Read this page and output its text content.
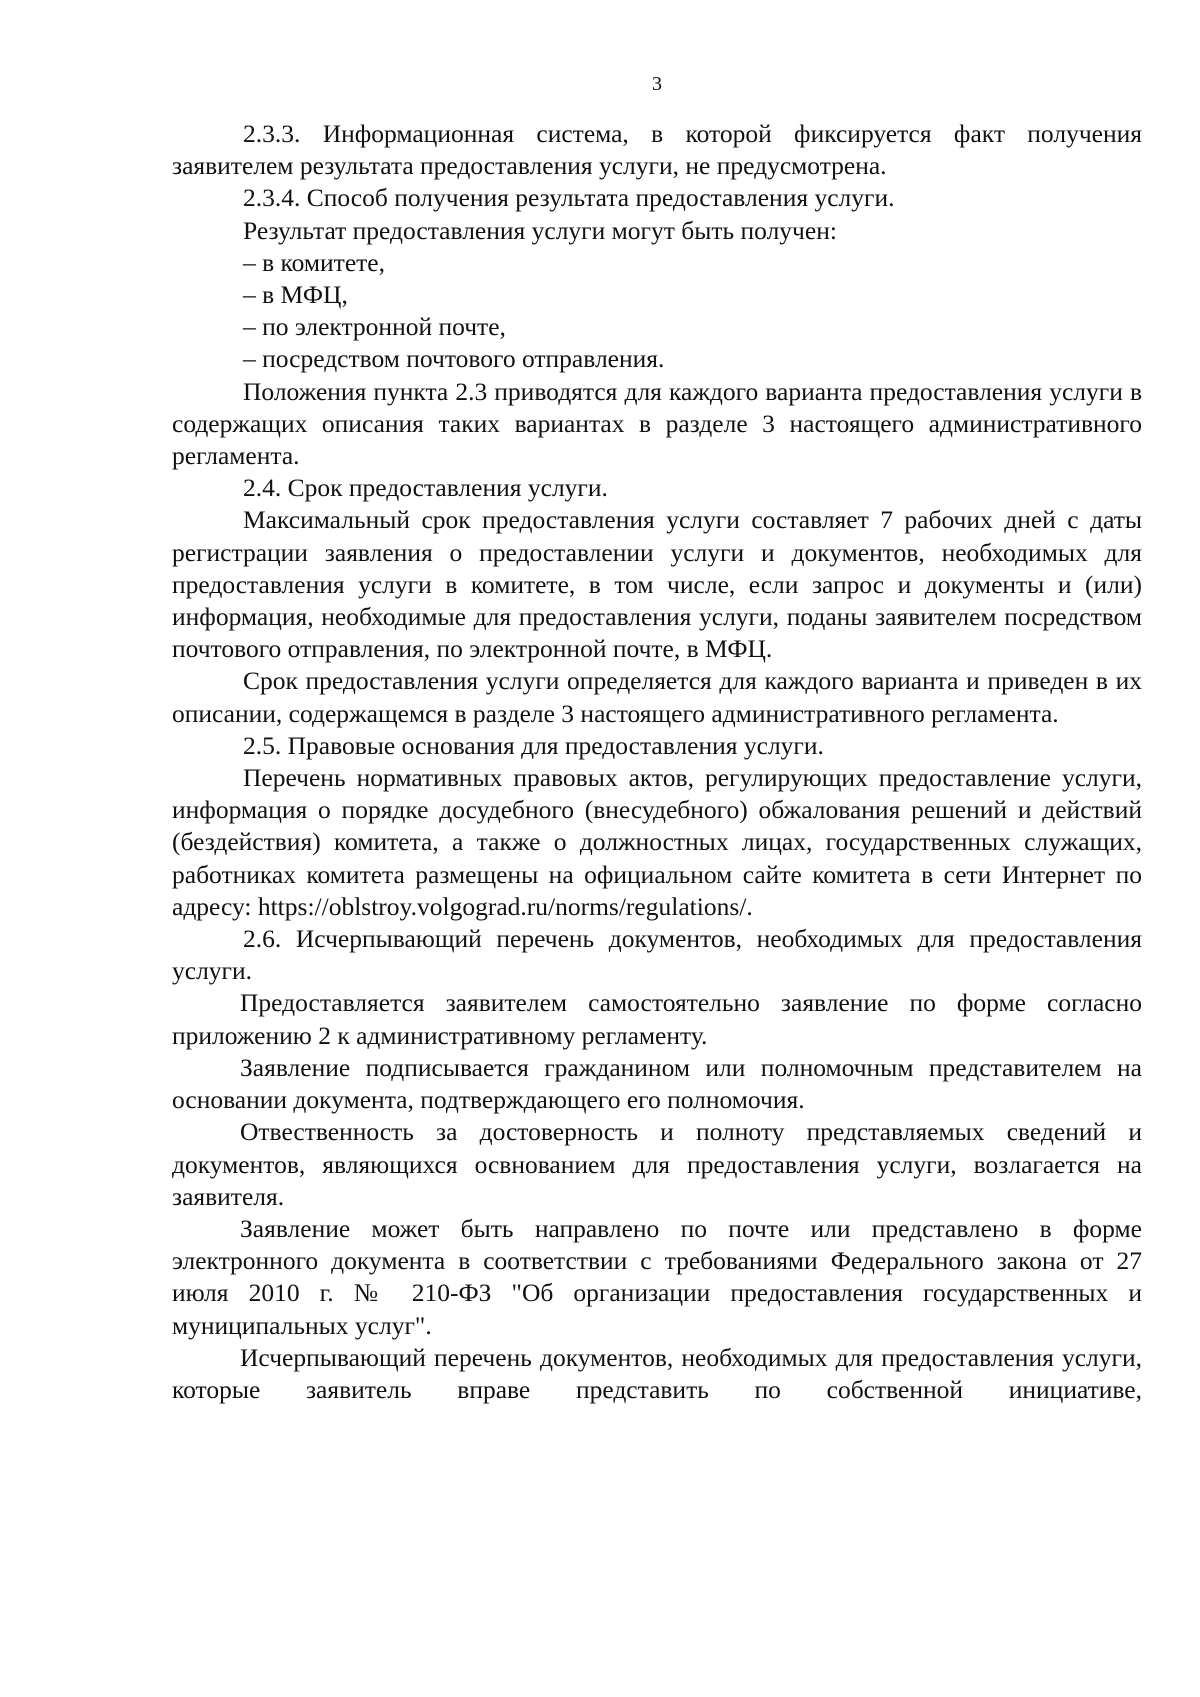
3

2.3.3. Информационная система, в которой фиксируется факт получения заявителем результата предоставления услуги, не предусмотрена.

2.3.4. Способ получения результата предоставления услуги.

Результат предоставления услуги могут быть получен:

– в комитете,

– в МФЦ,

– по электронной почте,

– посредством почтового отправления.

Положения пункта 2.3 приводятся для каждого варианта предоставления услуги в содержащих описания таких вариантах в разделе 3 настоящего административного регламента.

2.4. Срок предоставления услуги.

Максимальный срок предоставления услуги составляет 7 рабочих дней с даты регистрации заявления о предоставлении услуги и документов, необходимых для предоставления услуги в комитете, в том числе, если запрос и документы и (или) информация, необходимые для предоставления услуги, поданы заявителем посредством почтового отправления, по электронной почте, в МФЦ.

Срок предоставления услуги определяется для каждого варианта и приведен в их описании, содержащемся в разделе 3 настоящего административного регламента.

2.5. Правовые основания для предоставления услуги.

Перечень нормативных правовых актов, регулирующих предоставление услуги, информация о порядке досудебного (внесудебного) обжалования решений и действий (бездействия) комитета, а также о должностных лицах, государственных служащих, работниках комитета размещены на официальном сайте комитета в сети Интернет по адресу: https://oblstroy.volgograd.ru/norms/regulations/.

2.6. Исчерпывающий перечень документов, необходимых для предоставления услуги.

Предоставляется заявителем самостоятельно заявление по форме согласно приложению 2 к административному регламенту.

Заявление подписывается гражданином или полномочным представителем на основании документа, подтверждающего его полномочия.

Отвественность за достоверность и полноту представляемых сведений и документов, являющихся освнованием для предоставления услуги, возлагается на заявителя.

Заявление может быть направлено по почте или представлено в форме электронного документа в соответствии с требованиями Федерального закона от 27 июля 2010 г. № 210-ФЗ "Об организации предоставления государственных и муниципальных услуг".

Исчерпывающий перечень документов, необходимых для предоставления услуги, которые заявитель вправе представить по собственной инициативе,
